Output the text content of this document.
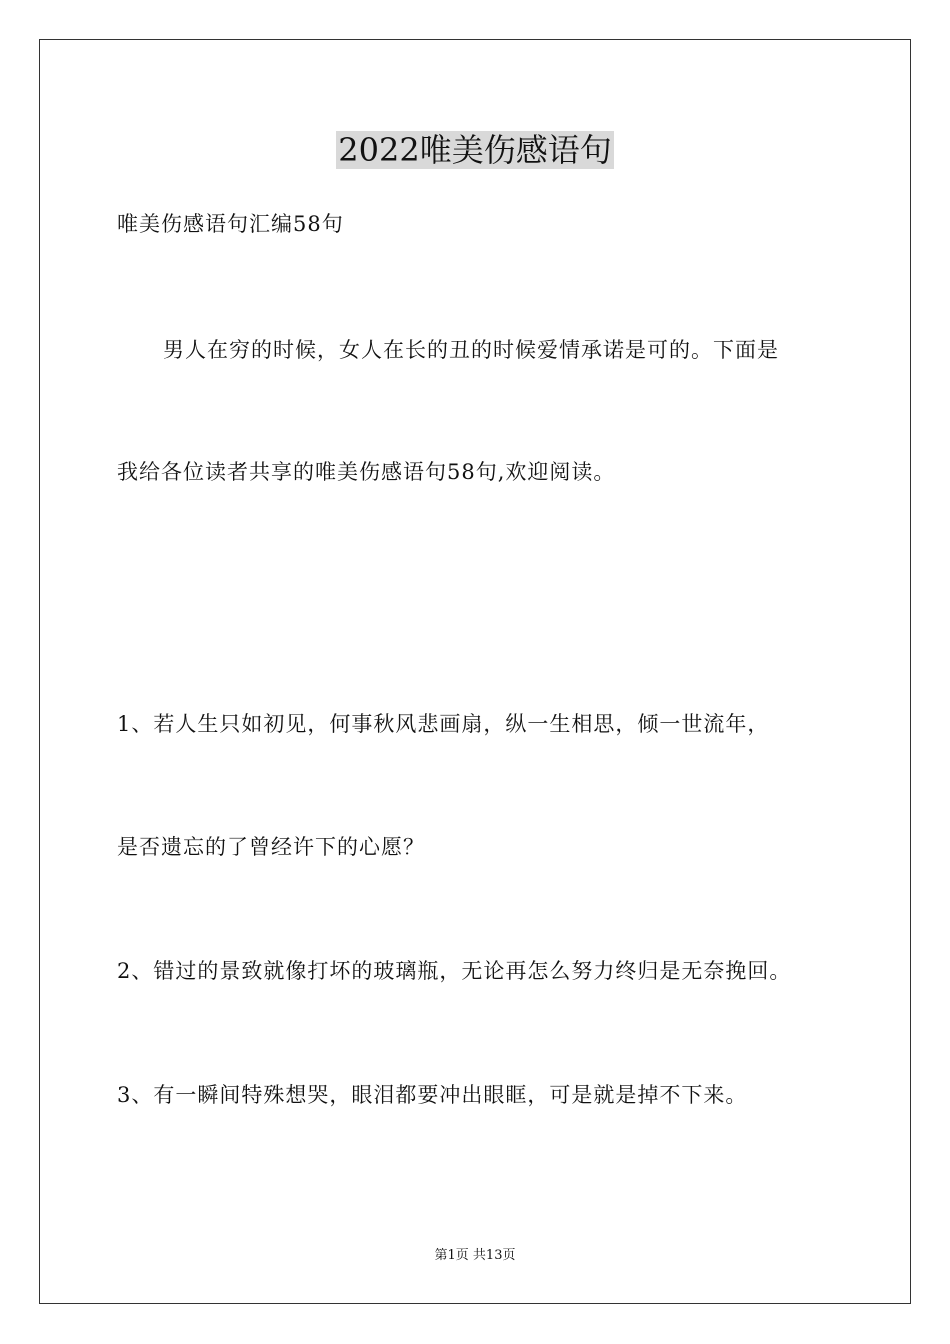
2022唯美伤感语句
唯美伤感语句汇编58句
男人在穷的时候，女人在长的丑的时候爱情承诺是可的。下面是
我给各位读者共享的唯美伤感语句58句,欢迎阅读。
1、若人生只如初见，何事秋风悲画扇，纵一生相思，倾一世流年，
是否遗忘的了曾经许下的心愿？
2、错过的景致就像打坏的玻璃瓶，无论再怎么努力终归是无奈挽回。
3、有一瞬间特殊想哭，眼泪都要冲出眼眶，可是就是掉不下来。
第1页 共13页
